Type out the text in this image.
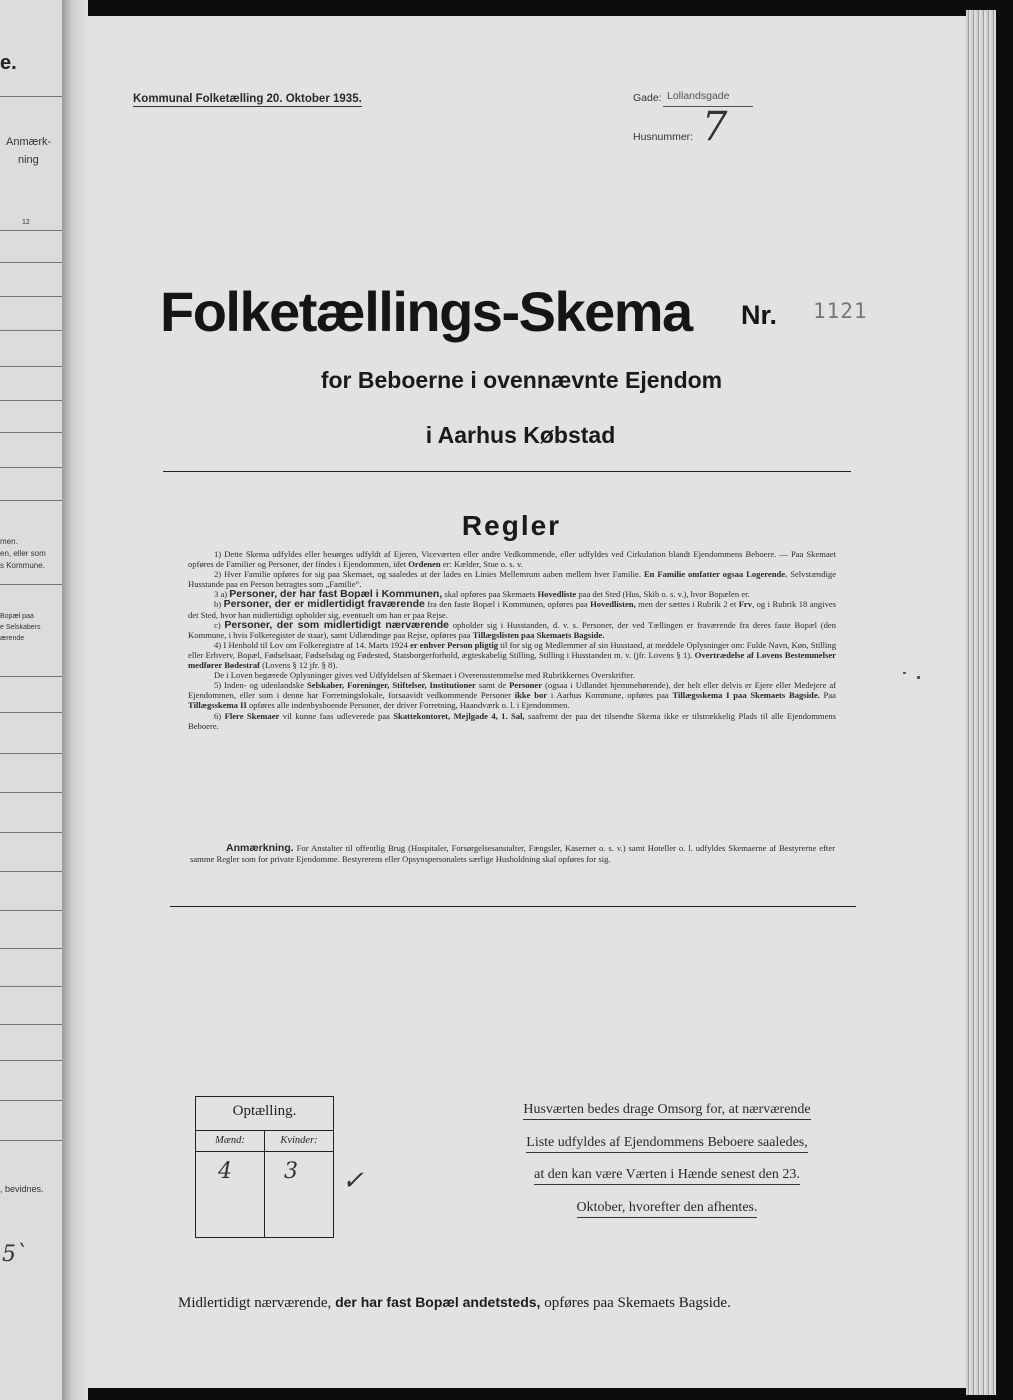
e.
Anmærk-
ning
12
men.
en, eller som
s Kommune.
Bopæl paa
e Selskabers
ærende
, bevidnes.
5`
Kommunal Folketælling 20. Oktober 1935.	Gade: Lollandsgade
Husnummer: 7
Folketællings-Skema Nr. 1121
for Beboerne i ovennævnte Ejendom
i Aarhus Købstad
Regler

1) Dette Skema udfyldes eller besørges udfyldt af Ejeren, Viceværten eller andre Vedkommende, eller udfyldes ved Cirkulation blandt Ejendommens Beboere. — Paa Skemaet opføres de Familier og Personer, der findes i Ejendommen, idet Ordenen er: Kælder, Stue o. s. v.

2) Hver Familie opføres for sig paa Skemaet, og saaledes at der lades en Linies Mellemrum aaben mellem hver Familie. En Familie omfatter ogsaa Logerende. Selvstændige Husstande paa en Person betragtes som „Familie“.

3 a) Personer, der har fast Bopæl i Kommunen, skal opføres paa Skemaets Hovedliste paa det Sted (Hus, Skib o. s. v.), hvor Bopælen er.

b) Personer, der er midlertidigt fraværende fra den faste Bopæl i Kommunen, opføres paa Hovedlisten, men der sættes i Rubrik 2 et Frv, og i Rubrik 18 angives det Sted, hvor han midlertidigt opholder sig, eventuelt om han er paa Rejse.

c) Personer, der som midlertidigt nærværende opholder sig i Husstanden, d. v. s. Personer, der ved Tællingen er fraværende fra deres faste Bopæl (den Kommune, i hvis Folkeregister de staar), samt Udlændinge paa Rejse, opføres paa Tillægslisten paa Skemaets Bagside.

4) I Henhold til Lov om Folkeregistre af 14. Marts 1924 er enhver Person pligtig til for sig og Medlemmer af sin Husstand, at meddele Oplysninger om: Fulde Navn, Køn, Stilling eller Erhverv, Bopæl, Fødselsaar, Fødselsdag og Fødested, Statsborgerforhold, ægteskabelig Stilling, Stilling i Husstanden m. v. (jfr. Lovens § 1). Overtrædelse af Lovens Bestemmelser medfører Bødestraf (Lovens § 12 jfr. § 8).

De i Loven begærede Oplysninger gives ved Udfyldelsen af Skemaet i Overensstemmelse med Rubrikkernes Overskrifter.

5) Inden- og udenlandske Selskaber, Foreninger, Stiftelser, Institutioner samt de Personer (ogsaa i Udlandet hjemmehørende), der helt eller delvis er Ejere eller Medejere af Ejendommen, eller som i denne har Forretningslokale, forsaavidt vedkommende Personer ikke bor i Aarhus Kommune, opføres paa Tillægsskema I paa Skemaets Bagside. Paa Tillægsskema II opføres alle indenbysboende Personer, der driver Forretning, Haandværk o. l. i Ejendommen.

6) Flere Skemaer vil kunne faas udleverede paa Skattekontoret, Mejlgade 4, 1. Sal, saafremt der paa det tilsendte Skema ikke er tilstrækkelig Plads til alle Ejendommens Beboere.

Anmærkning. For Anstalter til offentlig Brug (Hospitaler, Forsørgelsesanstalter, Fængsler, Kaserner o. s. v.) samt Hoteller o. l. udfyldes Skemaerne af Bestyrerne efter samme Regler som for private Ejendomme. Bestyrerens eller Opsynspersonalets særlige Husholdning skal opføres for sig.
Optælling.
Mænd:	Kvinder:
4 3 ✓
Husværten bedes drage Omsorg for, at nærværende
Liste udfyldes af Ejendommens Beboere saaledes,
at den kan være Værten i Hænde senest den 23.
Oktober, hvorefter den afhentes.
Midlertidigt nærværende, der har fast Bopæl andetsteds, opføres paa Skemaets Bagside.
